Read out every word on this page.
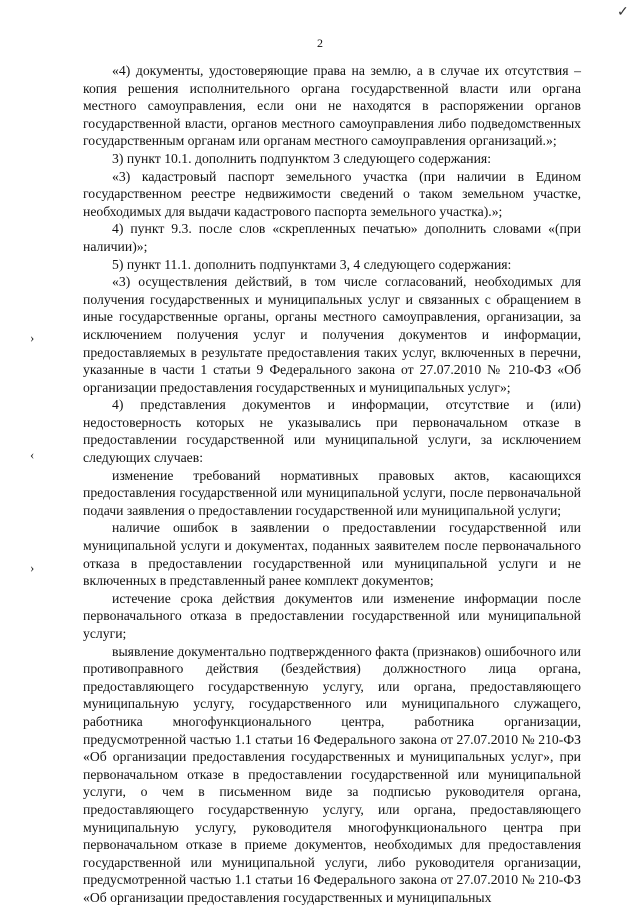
✓
2
›
‹
›

«4) документы, удостоверяющие права на землю, а в случае их отсутствия – копия решения исполнительного органа государственной власти или органа местного самоуправления, если они не находятся в распоряжении органов государственной власти, органов местного самоуправления либо подведомственных государственным органам или органам местного самоуправления организаций.»;

3) пункт 10.1. дополнить подпунктом 3 следующего содержания:

«3) кадастровый паспорт земельного участка (при наличии в Едином государственном реестре недвижимости сведений о таком земельном участке, необходимых для выдачи кадастрового паспорта земельного участка).»;

4) пункт 9.3. после слов «скрепленных печатью» дополнить словами «(при наличии)»;

5) пункт 11.1. дополнить подпунктами 3, 4 следующего содержания:

«3) осуществления действий, в том числе согласований, необходимых для получения государственных и муниципальных услуг и связанных с обращением в иные государственные органы, органы местного самоуправления, организации, за исключением получения услуг и получения документов и информации, предоставляемых в результате предоставления таких услуг, включенных в перечни, указанные в части 1 статьи 9 Федерального закона от 27.07.2010 № 210-ФЗ «Об организации предоставления государственных и муниципальных услуг»;

4) представления документов и информации, отсутствие и (или) недостоверность которых не указывались при первоначальном отказе в предоставлении государственной или муниципальной услуги, за исключением следующих случаев:

изменение требований нормативных правовых актов, касающихся предоставления государственной или муниципальной услуги, после первоначальной подачи заявления о предоставлении государственной или муниципальной услуги;

наличие ошибок в заявлении о предоставлении государственной или муниципальной услуги и документах, поданных заявителем после первоначального отказа в предоставлении государственной или муниципальной услуги и не включенных в представленный ранее комплект документов;

истечение срока действия документов или изменение информации после первоначального отказа в предоставлении государственной или муниципальной услуги;

выявление документально подтвержденного факта (признаков) ошибочного или противоправного действия (бездействия) должностного лица органа, предоставляющего государственную услугу, или органа, предоставляющего муниципальную услугу, государственного или муниципального служащего, работника многофункционального центра, работника организации, предусмотренной частью 1.1 статьи 16 Федерального закона от 27.07.2010 № 210-ФЗ «Об организации предоставления государственных и муниципальных услуг», при первоначальном отказе в предоставлении государственной или муниципальной услуги, о чем в письменном виде за подписью руководителя органа, предоставляющего государственную услугу, или органа, предоставляющего муниципальную услугу, руководителя многофункционального центра при первоначальном отказе в приеме документов, необходимых для предоставления государственной или муниципальной услуги, либо руководителя организации, предусмотренной частью 1.1 статьи 16 Федерального закона от 27.07.2010 № 210-ФЗ «Об организации предоставления государственных и муниципальных
